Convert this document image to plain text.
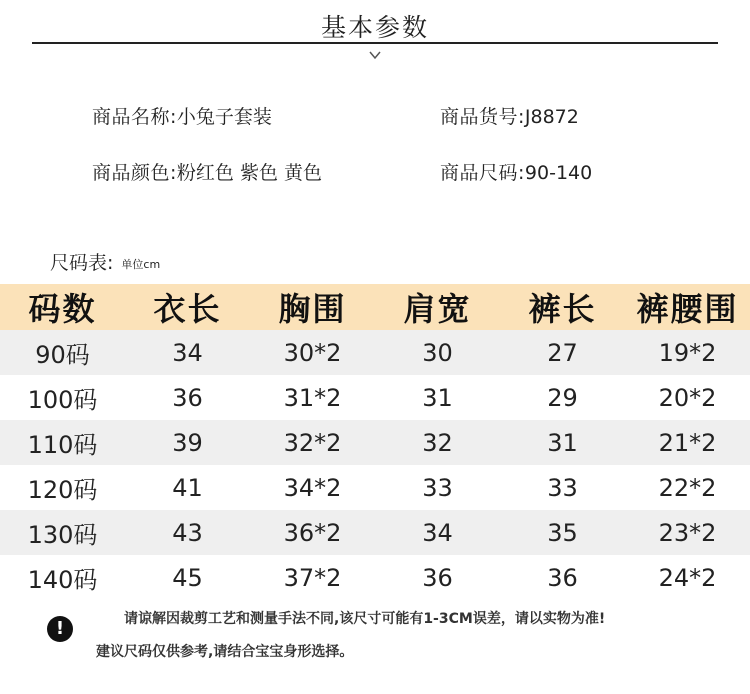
基本参数
商品名称:小兔子套装	商品货号:J8872
商品颜色:粉红色 紫色 黄色	商品尺码:90-140
尺码表: 单位cm
码数	衣长	胸围	肩宽	裤长	裤腰围
90码	34	30*2	30	27	19*2
100码	36	31*2	31	29	20*2
110码	39	32*2	32	31	21*2
120码	41	34*2	33	33	22*2
130码	43	36*2	34	35	23*2
140码	45	37*2	36	36	24*2
!	请谅解因裁剪工艺和测量手法不同,该尺寸可能有1-3CM误差，请以实物为准!
建议尺码仅供参考,请结合宝宝身形选择。
